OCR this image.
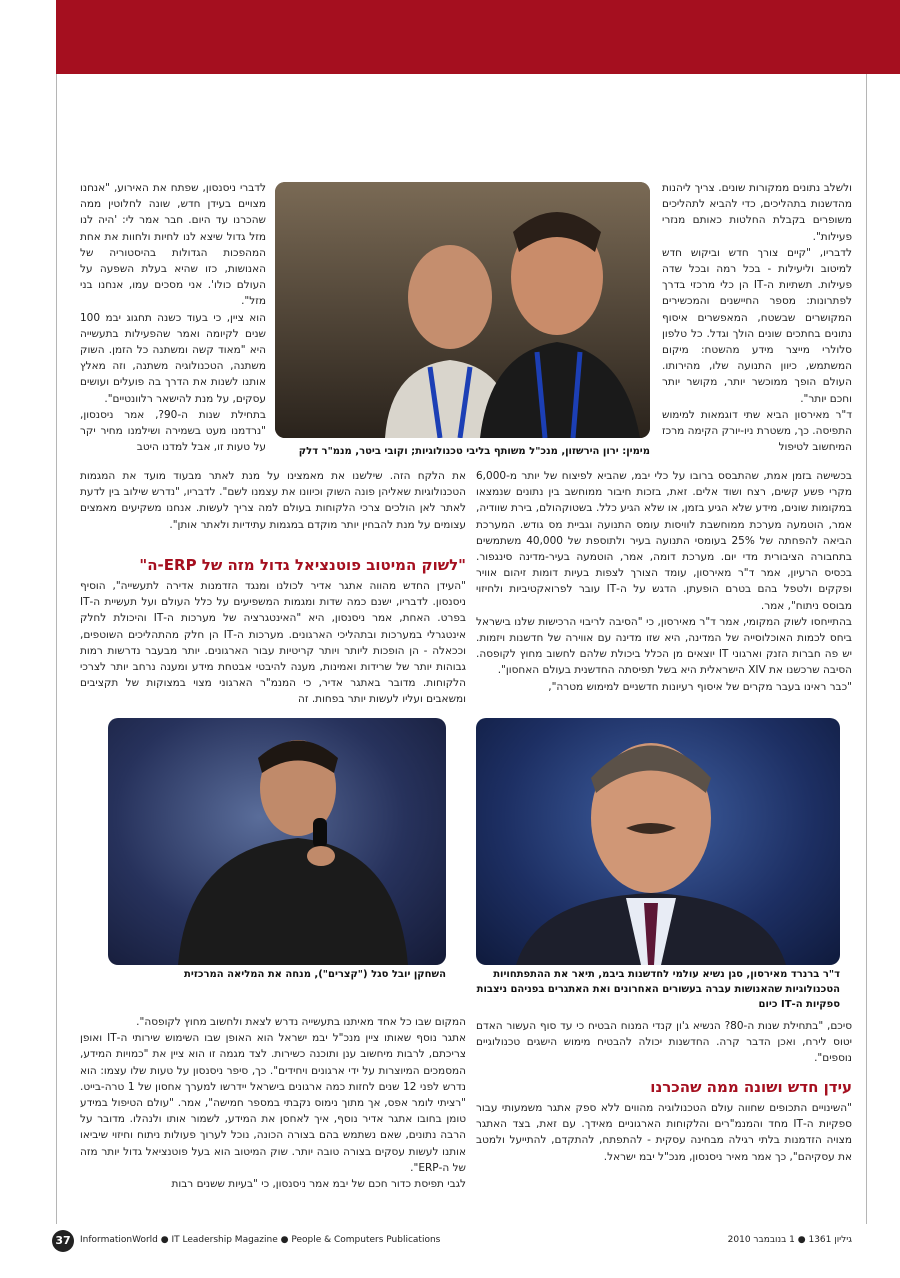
ולשלב נתונים ממקורות שונים. צריך ליהנות מהדשנות בתהליכים, כדי להביא לתהליכים משופרים בקבלת החלטות כאותם מנזרי פעילות".
לדבריו, "קיים צורך חדש וביקוש חדש למיטוב וליעילות - בכל רמה ובכל שדה פעילות. תשתיות ה-IT הן כלי מרכזי בדרך לפתרונות: מספר החיישנים והמכשירים המקושרים שבשטח, המאפשרים איסוף נתונים בחתכים שונים הולך וגדל. כל טלפון סלולרי מייצר מידע מהשטח: מיקום המשתמש, כיוון התנועה שלו, מהירותו. העולם הופך ממוכשר יותר, מקושר יותר וחכם יותר".
ד"ר מאירסון הביא שתי דוגמאות למימוש התפיסה. כך, משטרת ניו-יורק הקימה מרכז המיחשוב לטיפול
לדברי ניסנסון, שפתח את האירוע, "אנחנו מצויים בעידן חדש, שונה לחלוטין ממה שהכרנו עד היום. חבר אמר לי: 'היה לנו מזל גדול שיצא לנו לחיות ולחוות את אחת המהפכות הגדולות בהיסטוריה של האנושות, כזו שהיא בעלת השפעה על העולם כולו'. אני מסכים עמו, אנחנו בני מזל".
הוא ציין, כי בעוד כשנה תחגוג יבמ 100 שנים לקיומה ואמר שהפעילות בתעשייה היא "מאוד קשה ומשתנה כל הזמן. השוק משתנה, הטכנולוגיה משתנה, וזה מאלץ אותנו לשנות את הדרך בה פועלים ועושים עסקים, על מנת להישאר רלוונטיים".
בתחילת שנות ה-90?, אמר ניסנסון, "נרדמנו מעט בשמירה ושילמנו מחיר יקר על טעות זו, אבל למדנו היטב	מימין: ירון הירשזון, מנכ"ל משותף בליבי טכנולוגיות; וקובי ביטר, מנמ"ר דלק
בכשישה בזמן אמת, שהתבסס ברובו על כלי יבמ, שהביא לפיצוח של יותר מ-6,000 מקרי פשע קשים, רצח ושוד אלים. זאת, בזכות חיבור ממוחשב בין נתונים שנמצאו במקומות שונים, מידע שלא הגיע בזמן, או שלא הגיע כלל. בשטוקהולם, בירת שוודיה, אמר, הוטמעה מערכת ממוחשבת לוויסות עומס התנועה וגביית מס גודש. המערכת הביאה להפחתה של 25% בעומסי התנועה בעיר ולתוספת של 40,000 משתמשים בתחבורה הציבורית מדי יום. מערכת דומה, אמר, הוטמעה בעיר-מדינה סינגפור. בכסיס הרעיון, אמר ד"ר מאירסון, עומד הצורך לצפות בעיות דומות זיהום אוויר ופקקים ולטפל בהם בטרם הופעתן. הדגש על ה-IT עובר לפרואקטיביות ולחיזוי מבוסס ניתוח", אמר.
בהתייחסו לשוק המקומי, אמר ד"ר מאירסון, כי "הסיבה לריבוי הרכישות שלנו בישראל ביחס לכמות האוכלוסייה של המדינה, היא שזו מדינה עם אווירה של חדשנות ויזמות. יש פה חברות הזנק וארגוני IT יוצאים מן הכלל ביכולת שלהם לחשוב מחוץ לקופסה. הסיבה שרכשנו את XIV הישראלית היא בשל תפיסתה החדשנית בעולם האחסון".
"כבר ראינו בעבר מקרים של איסוף רעיונות חדשניים למימוש מטרה",
את הלקח הזה. שילשנו את מאמצינו על מנת לאתר מבעוד מועד את המגמות הטכנולוגיות שאליהן פונה השוק וכיוונו את עצמנו לשם". לדבריו, "נדרש שילוב בין לדעת לאתר לאן הולכים צרכי הלקוחות בעולם למה צריך לעשות. אנחנו משקיעים מאמצים עצומים על מנת להבחין יותר מוקדם במגמות עתידיות ולאתר אותן".
"לשוק המיטוב פוטנציאל גדול מזה של ERP-ה"
"העידן החדש מהווה אתגר אדיר לכולנו ומנגד הזדמנות אדירה לתעשייה", הוסיף ניסנסון. לדבריו, ישנם כמה שדות ומגמות המשפיעים על כלל העולם ועל תעשיית ה-IT בפרט. האחת, אמר ניסנסון, היא "האינטגרציה של מערכות ה-IT והיכולת לחלק אינטגרלי במערכות ובתהליכי הארגונים. מערכות ה-IT הן חלק מהתהליכים השוטפים, וככאלה - הן הופכות ליותר ויותר קריטיות עבור הארגונים. יותר מבעבר נדרשות רמות גבוהות יותר של שרידות ואמינות, מענה להיבטי אבטחת מידע ומענה נרחב יותר לצרכי הלקוחות. מדובר באתגר אדיר, כי המנמ"ר הארגוני מצוי במצוקות של תקציבים ומשאבים ועליו לעשות יותר בפחות. זה
השחקן יובל סגל ("קצרים"), מנחה את המליאה המרכזית	ד"ר ברנרד מאירסון, סגן נשיא עולמי לחדשנות ביבמ, תיאר את ההתפתחויות הטכנולוגיות שהאנושות עברה בעשורים האחרונים ואת האתגרים בפניהם ניצבות ספקיות ה-IT כיום
המקום שבו כל אחד מאיתנו בתעשייה נדרש לצאת ולחשוב מחוץ לקופסה".
אתגר נוסף שאותו ציין מנכ"ל יבמ ישראל הוא האופן שבו השימוש שירותי ה-IT ואופן צריכתם, לרבות מיחשוב ענן ותוכנה כשירות. לצד מגמה זו הוא ציין את "כמויות המידע, המסמכים המיוצרות על ידי ארגונים ויחידים". כך, סיפר ניסנסון על טעות שלו עצמו: הוא נדרש לפני 12 שנים לחזות כמה ארגונים בישראל יידרשו למערך אחסון של 1 טרה-בייט. "רציתי לומר אפס, אך מתוך נימוס נקבתי במספר חמישה", אמר. "עולם הטיפול במידע טומן בחובו אתגר אדיר נוסף, איך לאחסן את המידע, לשמור אותו ולנהלו. מדובר על הרבה נתונים, שאם נשתמש בהם בצורה הכונה, נוכל לערוך פעולות ניתוח וחיזוי שיביאו אותנו לעשות עסקים בצורה טובה יותר. שוק המיטוב הוא בעל פוטנציאל גדול יותר מזה של ה-ERP".
לגבי תפיסת כדור חכם של יבמ אמר ניסנסון, כי "בעיות ששנים רבות
סיכם, "בתחילת שנות ה-80? הנשיא ג'ון קנדי המנוח הבטיח כי עד סוף העשור האדם יטוס לירח, ואכן הדבר קרה. החדשנות יכולה להבטיח מימוש הישגים טכנולוגיים נוספים".
עידן חדש ושונה ממה שהכרנו
"השינויים התכופים שחווה עולם הטכנולוגיה מהווים ללא ספק אתגר משמעותי עבור ספקיות ה-IT מחד והמנמ"רים והלקוחות הארגוניים מאידך. עם זאת, בצד האתגר מצויה הזדמנות בלתי רגילה מבחינה עסקית - להתפתח, להתקדם, להתייעל ולמטב את עסקיהם", כך אמר מאיר ניסנסון, מנכ"ל יבמ ישראל.
37	InformationWorld ● IT Leadership Magazine ● People & Computers Publications	גיליון 1361 ● 1 בנובמבר 2010
